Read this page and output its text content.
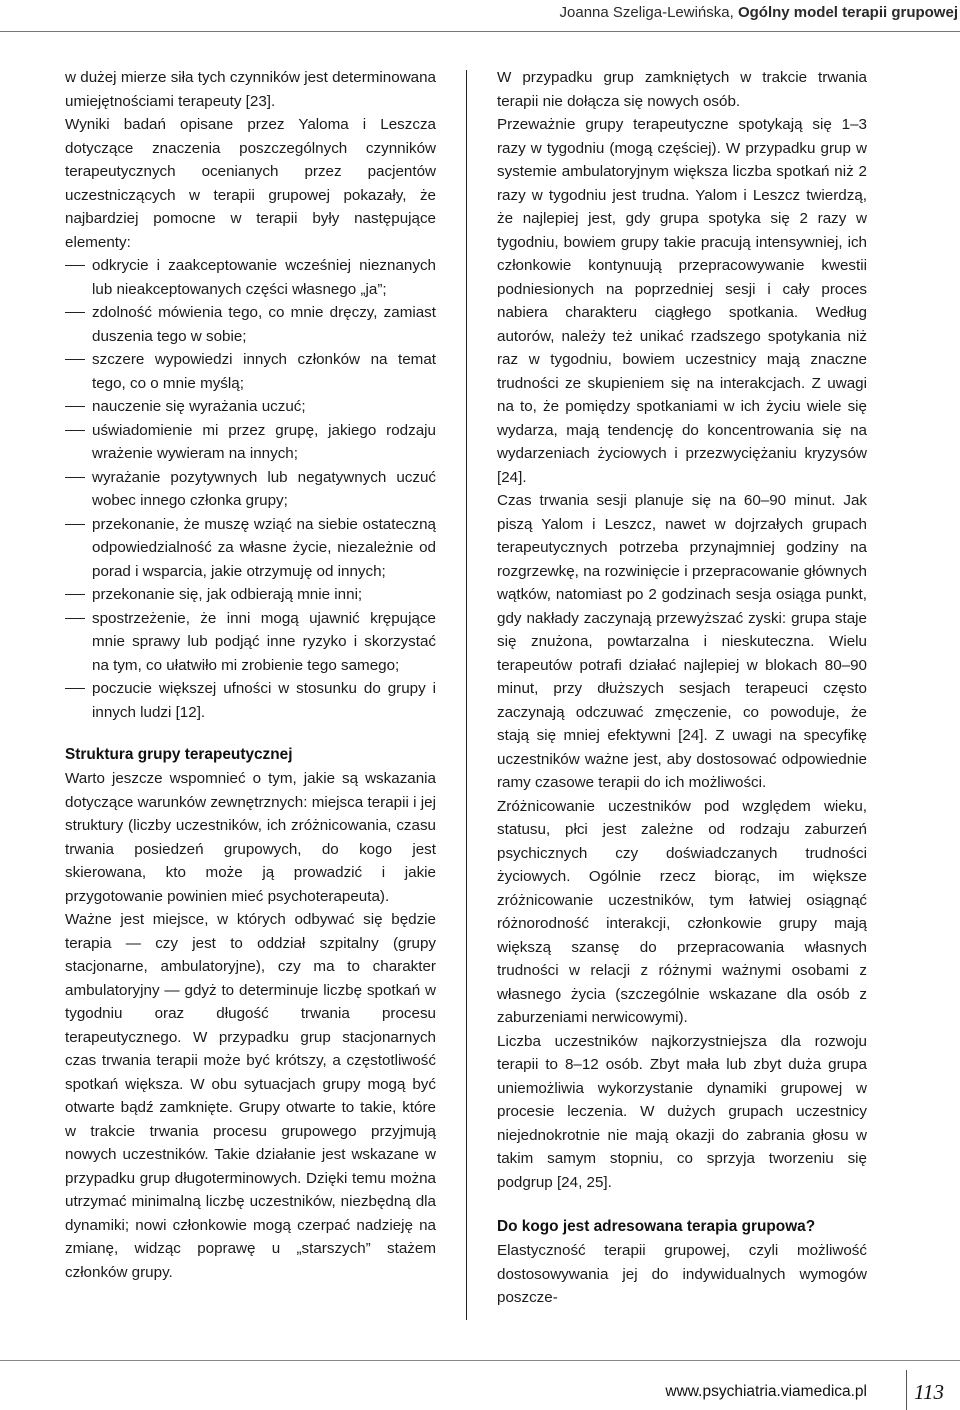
Joanna Szeliga-Lewińska, Ogólny model terapii grupowej

w dużej mierze siła tych czynników jest determinowana umiejętnościami terapeuty [23].

Wyniki badań opisane przez Yaloma i Leszcza dotyczące znaczenia poszczególnych czynników terapeutycznych ocenianych przez pacjentów uczestniczących w terapii grupowej pokazały, że najbardziej pomocne w terapii były następujące elementy:

odkrycie i zaakceptowanie wcześniej nieznanych lub nieakceptowanych części własnego „ja”;
zdolność mówienia tego, co mnie dręczy, zamiast duszenia tego w sobie;
szczere wypowiedzi innych członków na temat tego, co o mnie myślą;
nauczenie się wyrażania uczuć;
uświadomienie mi przez grupę, jakiego rodzaju wrażenie wywieram na innych;
wyrażanie pozytywnych lub negatywnych uczuć wobec innego członka grupy;
przekonanie, że muszę wziąć na siebie ostateczną odpowiedzialność za własne życie, niezależnie od porad i wsparcia, jakie otrzymuję od innych;
przekonanie się, jak odbierają mnie inni;
spostrzeżenie, że inni mogą ujawnić krępujące mnie sprawy lub podjąć inne ryzyko i skorzystać na tym, co ułatwiło mi zrobienie tego samego;
poczucie większej ufności w stosunku do grupy i innych ludzi [12].
Struktura grupy terapeutycznej

Warto jeszcze wspomnieć o tym, jakie są wskazania dotyczące warunków zewnętrznych: miejsca terapii i jej struktury (liczby uczestników, ich zróżnicowania, czasu trwania posiedzeń grupowych, do kogo jest skierowana, kto może ją prowadzić i jakie przygotowanie powinien mieć psychoterapeuta).

Ważne jest miejsce, w których odbywać się będzie terapia — czy jest to oddział szpitalny (grupy stacjonarne, ambulatoryjne), czy ma to charakter ambulatoryjny — gdyż to determinuje liczbę spotkań w tygodniu oraz długość trwania procesu terapeutycznego. W przypadku grup stacjonarnych czas trwania terapii może być krótszy, a częstotliwość spotkań większa. W obu sytuacjach grupy mogą być otwarte bądź zamknięte. Grupy otwarte to takie, które w trakcie trwania procesu grupowego przyjmują nowych uczestników. Takie działanie jest wskazane w przypadku grup długoterminowych. Dzięki temu można utrzymać minimalną liczbę uczestników, niezbędną dla dynamiki; nowi członkowie mogą czerpać nadzieję na zmianę, widząc poprawę u „starszych” stażem członków grupy.

W przypadku grup zamkniętych w trakcie trwania terapii nie dołącza się nowych osób.

Przeważnie grupy terapeutyczne spotykają się 1–3 razy w tygodniu (mogą częściej). W przypadku grup w systemie ambulatoryjnym większa liczba spotkań niż 2 razy w tygodniu jest trudna. Yalom i Leszcz twierdzą, że najlepiej jest, gdy grupa spotyka się 2 razy w tygodniu, bowiem grupy takie pracują intensywniej, ich członkowie kontynuują przepracowywanie kwestii podniesionych na poprzedniej sesji i cały proces nabiera charakteru ciągłego spotkania. Według autorów, należy też unikać rzadszego spotykania niż raz w tygodniu, bowiem uczestnicy mają znaczne trudności ze skupieniem się na interakcjach. Z uwagi na to, że pomiędzy spotkaniami w ich życiu wiele się wydarza, mają tendencję do koncentrowania się na wydarzeniach życiowych i przezwyciężaniu kryzysów [24].

Czas trwania sesji planuje się na 60–90 minut. Jak piszą Yalom i Leszcz, nawet w dojrzałych grupach terapeutycznych potrzeba przynajmniej godziny na rozgrzewkę, na rozwinięcie i przepracowanie głównych wątków, natomiast po 2 godzinach sesja osiąga punkt, gdy nakłady zaczynają przewyższać zyski: grupa staje się znużona, powtarzalna i nieskuteczna. Wielu terapeutów potrafi działać najlepiej w blokach 80–90 minut, przy dłuższych sesjach terapeuci często zaczynają odczuwać zmęczenie, co powoduje, że stają się mniej efektywni [24]. Z uwagi na specyfikę uczestników ważne jest, aby dostosować odpowiednie ramy czasowe terapii do ich możliwości.

Zróżnicowanie uczestników pod względem wieku, statusu, płci jest zależne od rodzaju zaburzeń psychicznych czy doświadczanych trudności życiowych. Ogólnie rzecz biorąc, im większe zróżnicowanie uczestników, tym łatwiej osiągnąć różnorodność interakcji, członkowie grupy mają większą szansę do przepracowania własnych trudności w relacji z różnymi ważnymi osobami z własnego życia (szczególnie wskazane dla osób z zaburzeniami nerwicowymi).

Liczba uczestników najkorzystniejsza dla rozwoju terapii to 8–12 osób. Zbyt mała lub zbyt duża grupa uniemożliwia wykorzystanie dynamiki grupowej w procesie leczenia. W dużych grupach uczestnicy niejednokrotnie nie mają okazji do zabrania głosu w takim samym stopniu, co sprzyja tworzeniu się podgrup [24, 25].

Do kogo jest adresowana terapia grupowa?

Elastyczność terapii grupowej, czyli możliwość dostosowywania jej do indywidualnych wymogów poszcze-

www.psychiatria.viamedica.pl 113
